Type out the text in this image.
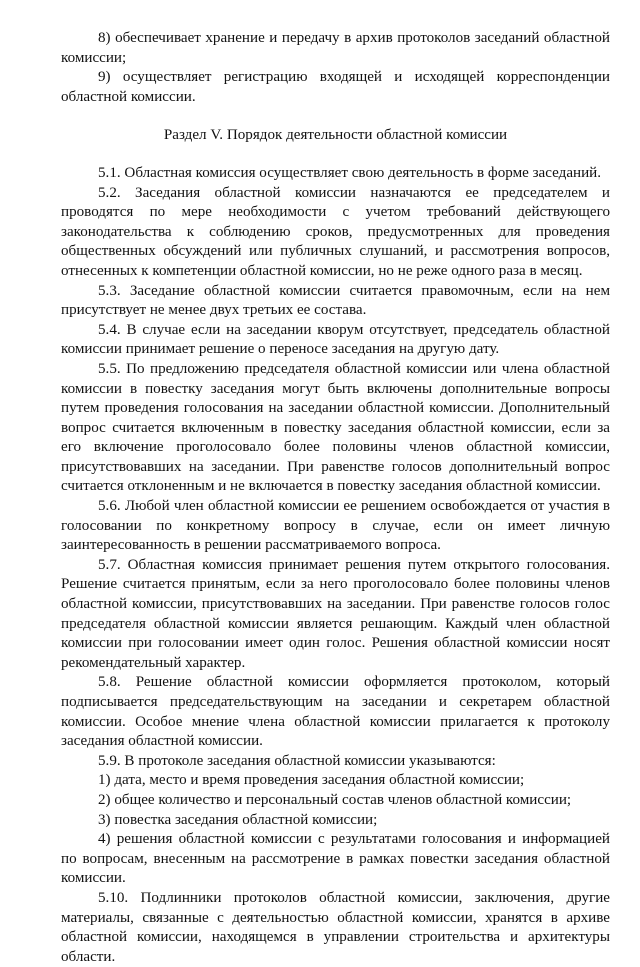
8) обеспечивает хранение и передачу в архив протоколов заседаний областной комиссии;

9) осуществляет регистрацию входящей и исходящей корреспонденции областной комиссии.

Раздел V. Порядок деятельности областной комиссии

5.1. Областная комиссия осуществляет свою деятельность в форме заседаний.

5.2. Заседания областной комиссии назначаются ее председателем и проводятся по мере необходимости с учетом требований действующего законодательства к соблюдению сроков, предусмотренных для проведения общественных обсуждений или публичных слушаний, и рассмотрения вопросов, отнесенных к компетенции областной комиссии, но не реже одного раза в месяц.

5.3. Заседание областной комиссии считается правомочным, если на нем присутствует не менее двух третьих ее состава.

5.4. В случае если на заседании кворум отсутствует, председатель областной комиссии принимает решение о переносе заседания на другую дату.

5.5. По предложению председателя областной комиссии или члена областной комиссии в повестку заседания могут быть включены дополнительные вопросы путем проведения голосования на заседании областной комиссии. Дополнительный вопрос считается включенным в повестку заседания областной комиссии, если за его включение проголосовало более половины членов областной комиссии, присутствовавших на заседании. При равенстве голосов дополнительный вопрос считается отклоненным и не включается в повестку заседания областной комиссии.

5.6. Любой член областной комиссии ее решением освобождается от участия в голосовании по конкретному вопросу в случае, если он имеет личную заинтересованность в решении рассматриваемого вопроса.

5.7. Областная комиссия принимает решения путем открытого голосования. Решение считается принятым, если за него проголосовало более половины членов областной комиссии, присутствовавших на заседании. При равенстве голосов голос председателя областной комиссии является решающим. Каждый член областной комиссии при голосовании имеет один голос. Решения областной комиссии носят рекомендательный характер.

5.8. Решение областной комиссии оформляется протоколом, который подписывается председательствующим на заседании и секретарем областной комиссии. Особое мнение члена областной комиссии прилагается к протоколу заседания областной комиссии.

5.9. В протоколе заседания областной комиссии указываются:

1) дата, место и время проведения заседания областной комиссии;

2) общее количество и персональный состав членов областной комиссии;

3) повестка заседания областной комиссии;

4) решения областной комиссии с результатами голосования и информацией по вопросам, внесенным на рассмотрение в рамках повестки заседания областной комиссии.

5.10. Подлинники протоколов областной комиссии, заключения, другие материалы, связанные с деятельностью областной комиссии, хранятся в архиве областной комиссии, находящемся в управлении строительства и архитектуры области.
